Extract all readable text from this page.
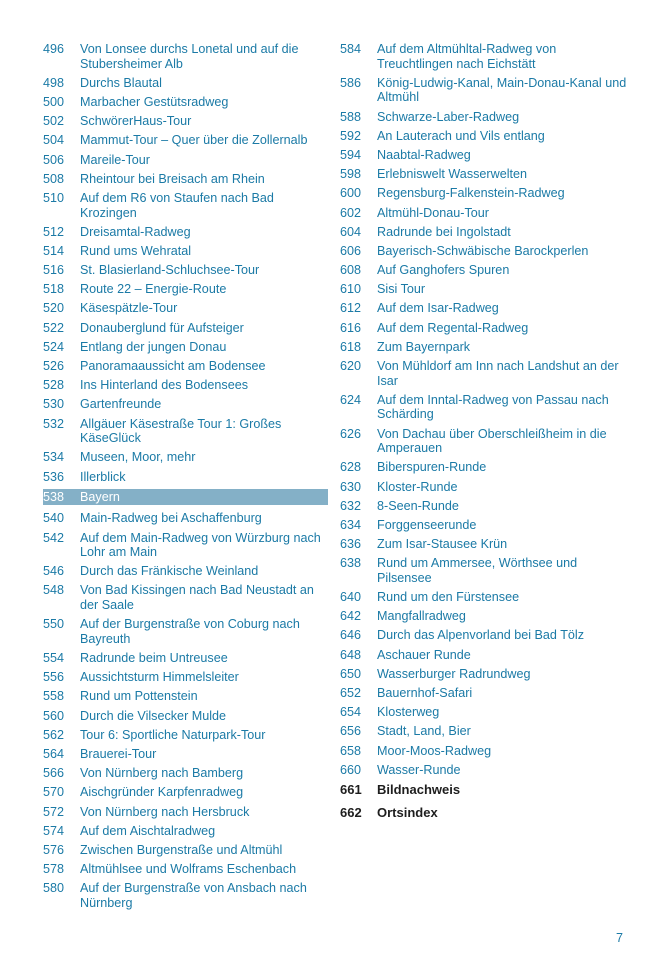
496	Von Lonsee durchs Lonetal und auf die Stubersheimer Alb
498	Durchs Blautal
500	Marbacher Gestütsradweg
502	SchwörerHaus-Tour
504	Mammut-Tour – Quer über die Zollernalb
506	Mareile-Tour
508	Rheintour bei Breisach am Rhein
510	Auf dem R6 von Staufen nach Bad Krozingen
512	Dreisamtal-Radweg
514	Rund ums Wehratal
516	St. Blasierland-Schluchsee-Tour
518	Route 22 – Energie-Route
520	Käsespätzle-Tour
522	Donauberglund für Aufsteiger
524	Entlang der jungen Donau
526	Panoramaaussicht am Bodensee
528	Ins Hinterland des Bodensees
530	Gartenfreunde
532	Allgäuer Käsestraße Tour 1: Großes KäseGlück
534	Museen, Moor, mehr
536	Illerblick
538	Bayern
540	Main-Radweg bei Aschaffenburg
542	Auf dem Main-Radweg von Würzburg nach Lohr am Main
546	Durch das Fränkische Weinland
548	Von Bad Kissingen nach Bad Neustadt an der Saale
550	Auf der Burgenstraße von Coburg nach Bayreuth
554	Radrunde beim Untreusee
556	Aussichtsturm Himmelsleiter
558	Rund um Pottenstein
560	Durch die Vilsecker Mulde
562	Tour 6: Sportliche Naturpark-Tour
564	Brauerei-Tour
566	Von Nürnberg nach Bamberg
570	Aischgründer Karpfenradweg
572	Von Nürnberg nach Hersbruck
574	Auf dem Aischtalradweg
576	Zwischen Burgenstraße und Altmühl
578	Altmühlsee und Wolframs Eschenbach
580	Auf der Burgenstraße von Ansbach nach Nürnberg
584	Auf dem Altmühltal-Radweg von Treuchtlingen nach Eichstätt
586	König-Ludwig-Kanal, Main-Donau-Kanal und Altmühl
588	Schwarze-Laber-Radweg
592	An Lauterach und Vils entlang
594	Naabtal-Radweg
598	Erlebniswelt Wasserwelten
600	Regensburg-Falkenstein-Radweg
602	Altmühl-Donau-Tour
604	Radrunde bei Ingolstadt
606	Bayerisch-Schwäbische Barockperlen
608	Auf Ganghofers Spuren
610	Sisi Tour
612	Auf dem Isar-Radweg
616	Auf dem Regental-Radweg
618	Zum Bayernpark
620	Von Mühldorf am Inn nach Landshut an der Isar
624	Auf dem Inntal-Radweg von Passau nach Schärding
626	Von Dachau über Oberschleißheim in die Amperauen
628	Biberspuren-Runde
630	Kloster-Runde
632	8-Seen-Runde
634	Forggenseerunde
636	Zum Isar-Stausee Krün
638	Rund um Ammersee, Wörthsee und Pilsensee
640	Rund um den Fürstensee
642	Mangfallradweg
646	Durch das Alpenvorland bei Bad Tölz
648	Aschauer Runde
650	Wasserburger Radrundweg
652	Bauernhof-Safari
654	Klosterweg
656	Stadt, Land, Bier
658	Moor-Moos-Radweg
660	Wasser-Runde
661	Bildnachweis
662	Ortsindex
7
